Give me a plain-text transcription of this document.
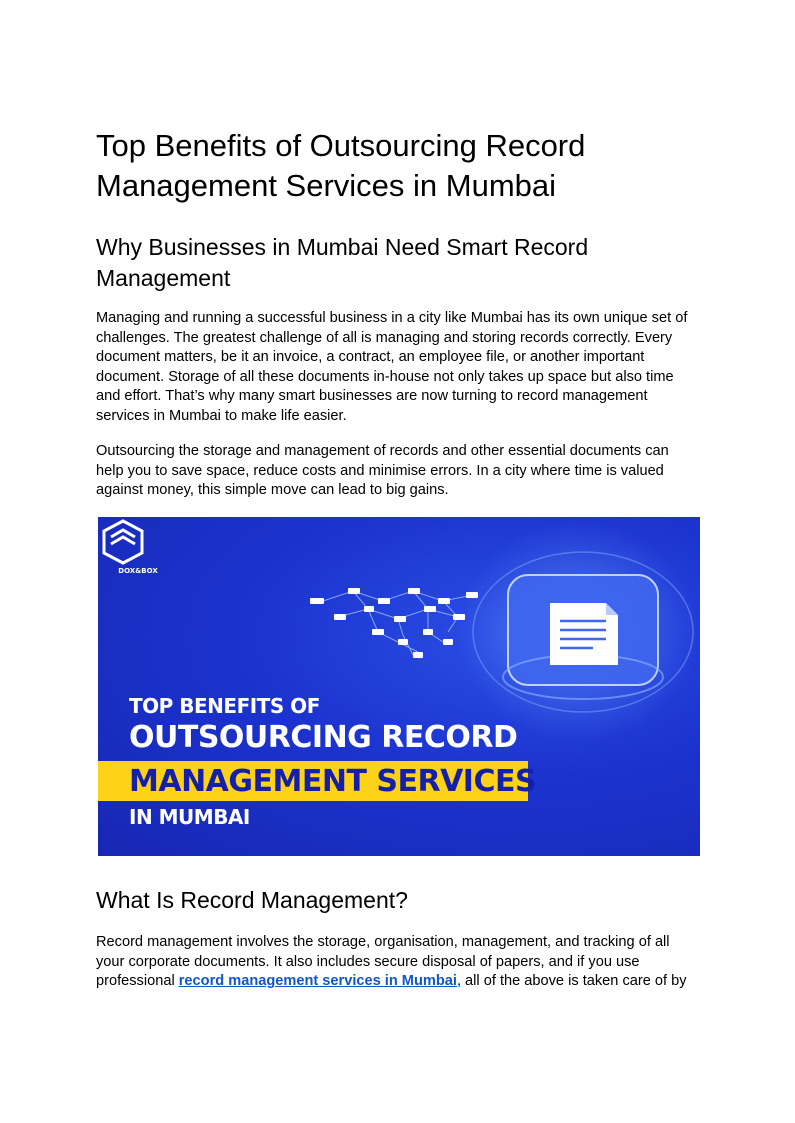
Top Benefits of Outsourcing Record Management Services in Mumbai
Why Businesses in Mumbai Need Smart Record Management

Managing and running a successful business in a city like Mumbai has its own unique set of challenges. The greatest challenge of all is managing and storing records correctly. Every document matters, be it an invoice, a contract, an employee file, or another important document. Storage of all these documents in-house not only takes up space but also time and effort. That’s why many smart businesses are now turning to record management services in Mumbai to make life easier.

Outsourcing the storage and management of records and other essential documents can help you to save space, reduce costs and minimise errors. In a city where time is valued against money, this simple move can lead to big gains.

What Is Record Management?

Record management involves the storage, organisation, management, and tracking of all your corporate documents. It also includes secure disposal of papers, and if you use professional record management services in Mumbai, all of the above is taken care of by

DOX&BOX
TOP BENEFITS OF
OUTSOURCING RECORD
MANAGEMENT SERVICES
IN MUMBAI
